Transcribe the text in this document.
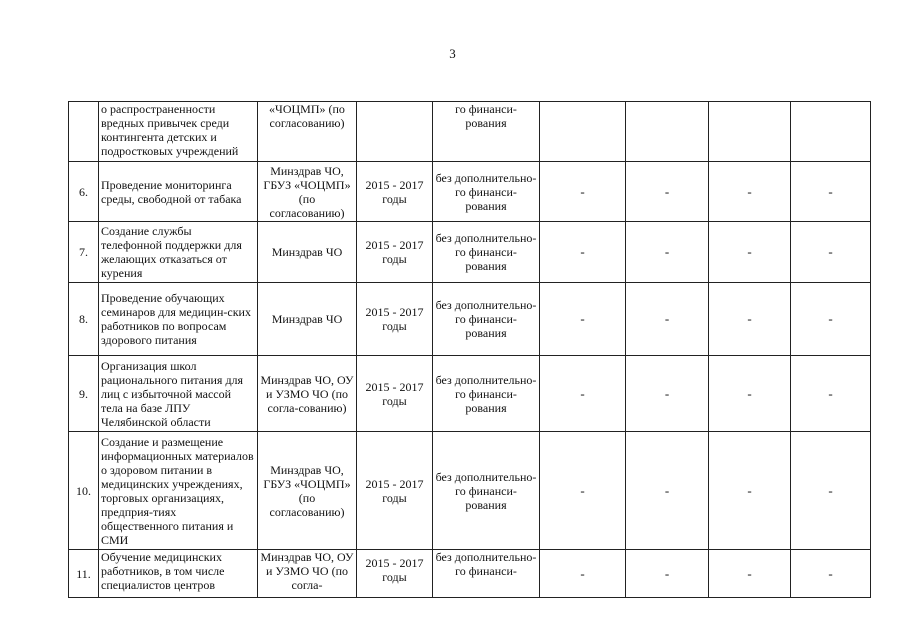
3
	о распространенности вредных привычек среди контингента детских и подростковых учреждений	«ЧОЦМП» (по согласованию)		го финанси-рования				
6.	Проведение мониторинга среды, свободной от табака	Минздрав ЧО, ГБУЗ «ЧОЦМП» (по согласованию)	2015 - 2017 годы	без дополнительно-го финанси-рования	-	-	-	-
7.	Создание службы телефонной поддержки для желающих отказаться от курения	Минздрав ЧО	2015 - 2017 годы	без дополнительно-го финанси-рования	-	-	-	-
8.	Проведение обучающих семинаров для медицин-ских работников по вопросам здорового питания	Минздрав ЧО	2015 - 2017 годы	без дополнительно-го финанси-рования	-	-	-	-
9.	Организация школ рационального питания для лиц с избыточной массой тела на базе ЛПУ Челябинской области	Минздрав ЧО, ОУ и УЗМО ЧО (по согла-сованию)	2015 - 2017 годы	без дополнительно-го финанси-рования	-	-	-	-
10.	Создание и размещение информационных материалов о здоровом питании в медицинских учреждениях, торговых организациях, предприя-тиях общественного питания и СМИ	Минздрав ЧО, ГБУЗ «ЧОЦМП» (по согласованию)	2015 - 2017 годы	без дополнительно-го финанси-рования	-	-	-	-
11.	Обучение медицинских работников, в том числе специалистов центров	Минздрав ЧО, ОУ и УЗМО ЧО (по согла-	2015 - 2017 годы	без дополнительно-го финанси-	-	-	-	-
